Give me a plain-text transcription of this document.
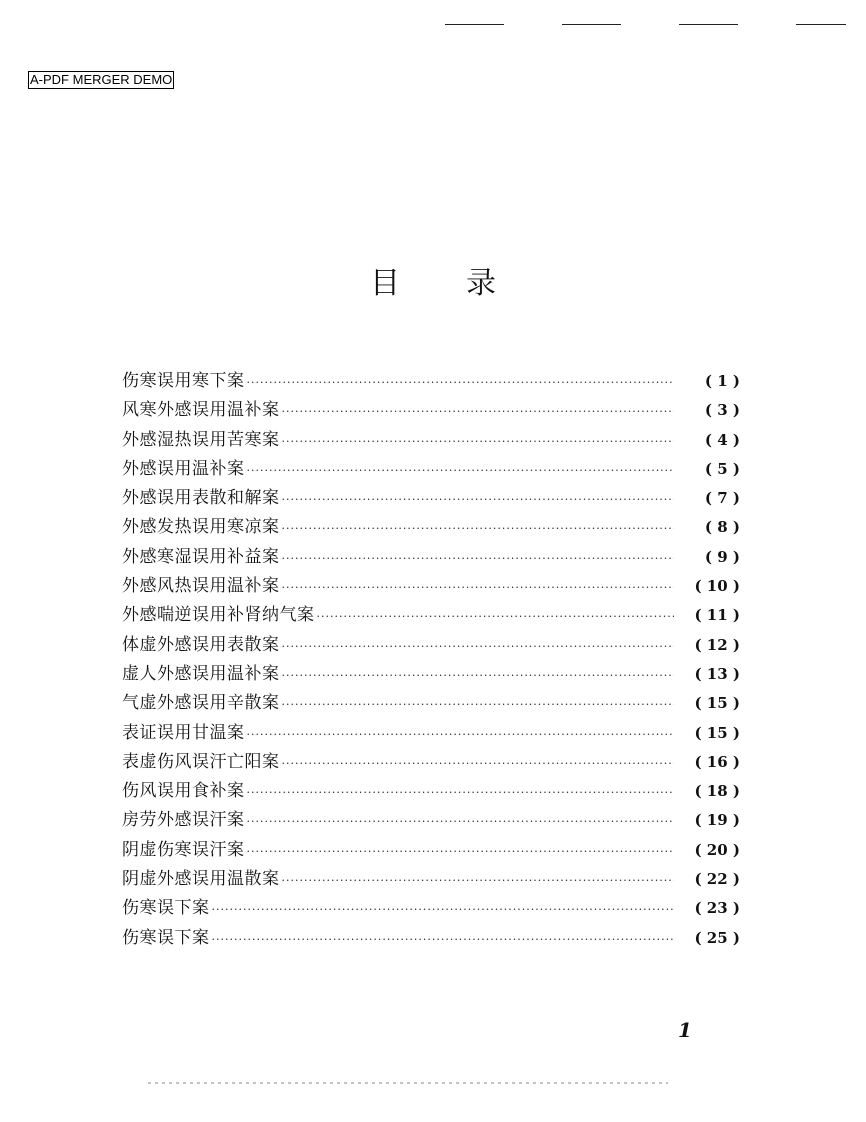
A-PDF MERGER DEMO
目 录
伤寒误用寒下案 ·····	( 1 )
风寒外感误用温补案 ·····	( 3 )
外感湿热误用苦寒案 ·····	( 4 )
外感误用温补案 ·····	( 5 )
外感误用表散和解案 ·····	( 7 )
外感发热误用寒凉案 ·····	( 8 )
外感寒湿误用补益案 ·····	( 9 )
外感风热误用温补案 ·····	( 10 )
外感喘逆误用补肾纳气案 ·····	( 11 )
体虚外感误用表散案 ·····	( 12 )
虚人外感误用温补案 ·····	( 13 )
气虚外感误用辛散案 ·····	( 15 )
表证误用甘温案 ·····	( 15 )
表虚伤风误汗亡阳案 ·····	( 16 )
伤风误用食补案 ·····	( 18 )
房劳外感误汗案 ·····	( 19 )
阴虚伤寒误汗案 ·····	( 20 )
阴虚外感误用温散案 ·····	( 22 )
伤寒误下案 ·····	( 23 )
伤寒误下案 ·····	( 25 )
1
